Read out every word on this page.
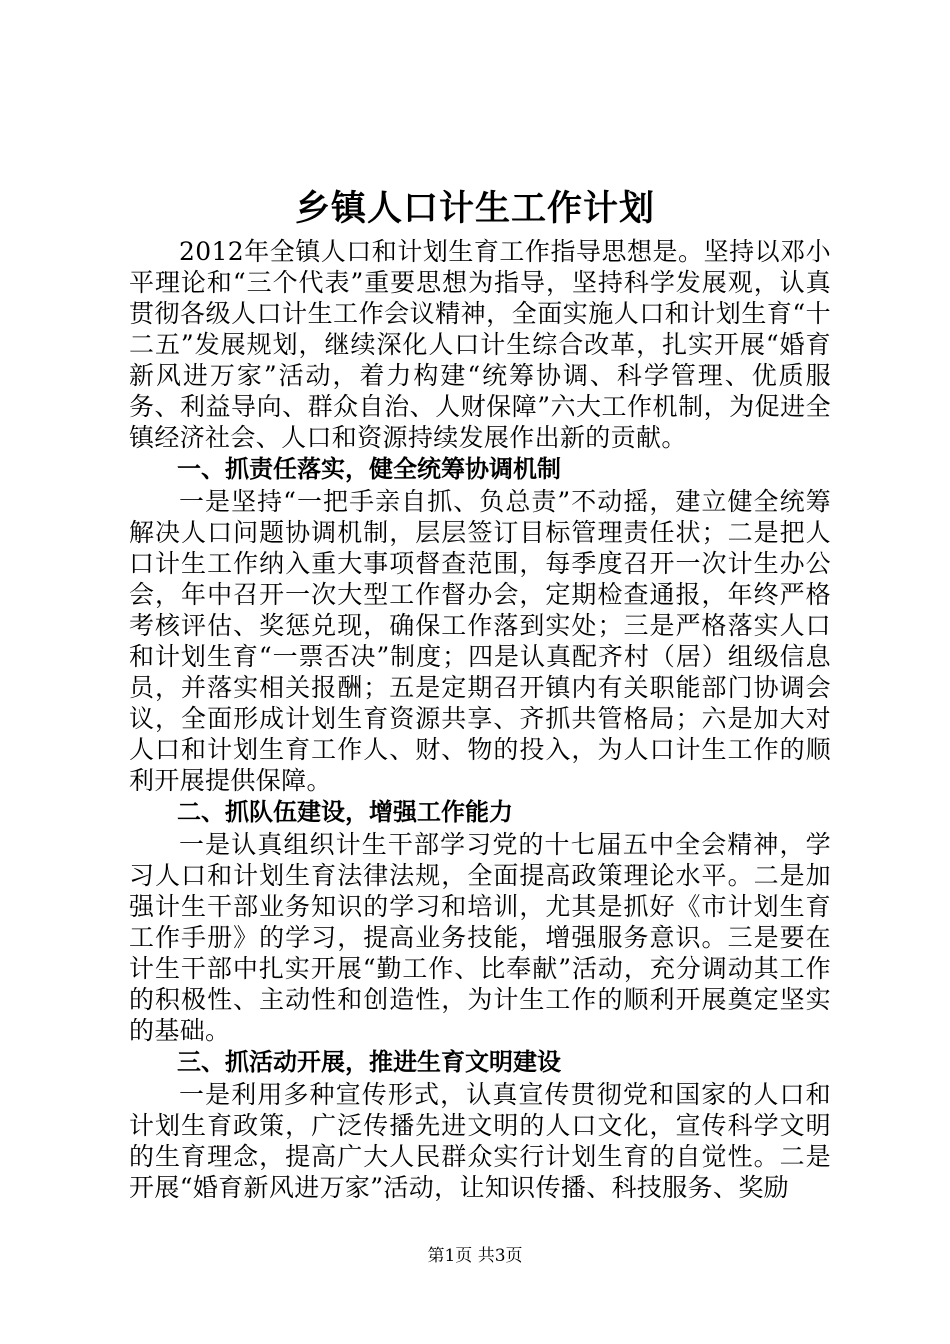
乡镇人口计生工作计划

2012年全镇人口和计划生育工作指导思想是。坚持以邓小平理论和“三个代表”重要思想为指导，坚持科学发展观，认真贯彻各级人口计生工作会议精神，全面实施人口和计划生育“十二五”发展规划，继续深化人口计生综合改革，扎实开展“婚育新风进万家”活动，着力构建“统筹协调、科学管理、优质服务、利益导向、群众自治、人财保障”六大工作机制，为促进全镇经济社会、人口和资源持续发展作出新的贡献。

一、抓责任落实，健全统筹协调机制

一是坚持“一把手亲自抓、负总责”不动摇，建立健全统筹解决人口问题协调机制，层层签订目标管理责任状；二是把人口计生工作纳入重大事项督查范围，每季度召开一次计生办公会，年中召开一次大型工作督办会，定期检查通报，年终严格考核评估、奖惩兑现，确保工作落到实处；三是严格落实人口和计划生育“一票否决”制度；四是认真配齐村（居）组级信息员，并落实相关报酬；五是定期召开镇内有关职能部门协调会议，全面形成计划生育资源共享、齐抓共管格局；六是加大对人口和计划生育工作人、财、物的投入，为人口计生工作的顺利开展提供保障。

二、抓队伍建设，增强工作能力

一是认真组织计生干部学习党的十七届五中全会精神，学习人口和计划生育法律法规，全面提高政策理论水平。二是加强计生干部业务知识的学习和培训，尤其是抓好《市计划生育工作手册》的学习，提高业务技能，增强服务意识。三是要在计生干部中扎实开展“勤工作、比奉献”活动，充分调动其工作的积极性、主动性和创造性，为计生工作的顺利开展奠定坚实的基础。

三、抓活动开展，推进生育文明建设

一是利用多种宣传形式，认真宣传贯彻党和国家的人口和计划生育政策，广泛传播先进文明的人口文化，宣传科学文明的生育理念，提高广大人民群众实行计划生育的自觉性。二是开展“婚育新风进万家”活动，让知识传播、科技服务、奖励

第1页 共3页
